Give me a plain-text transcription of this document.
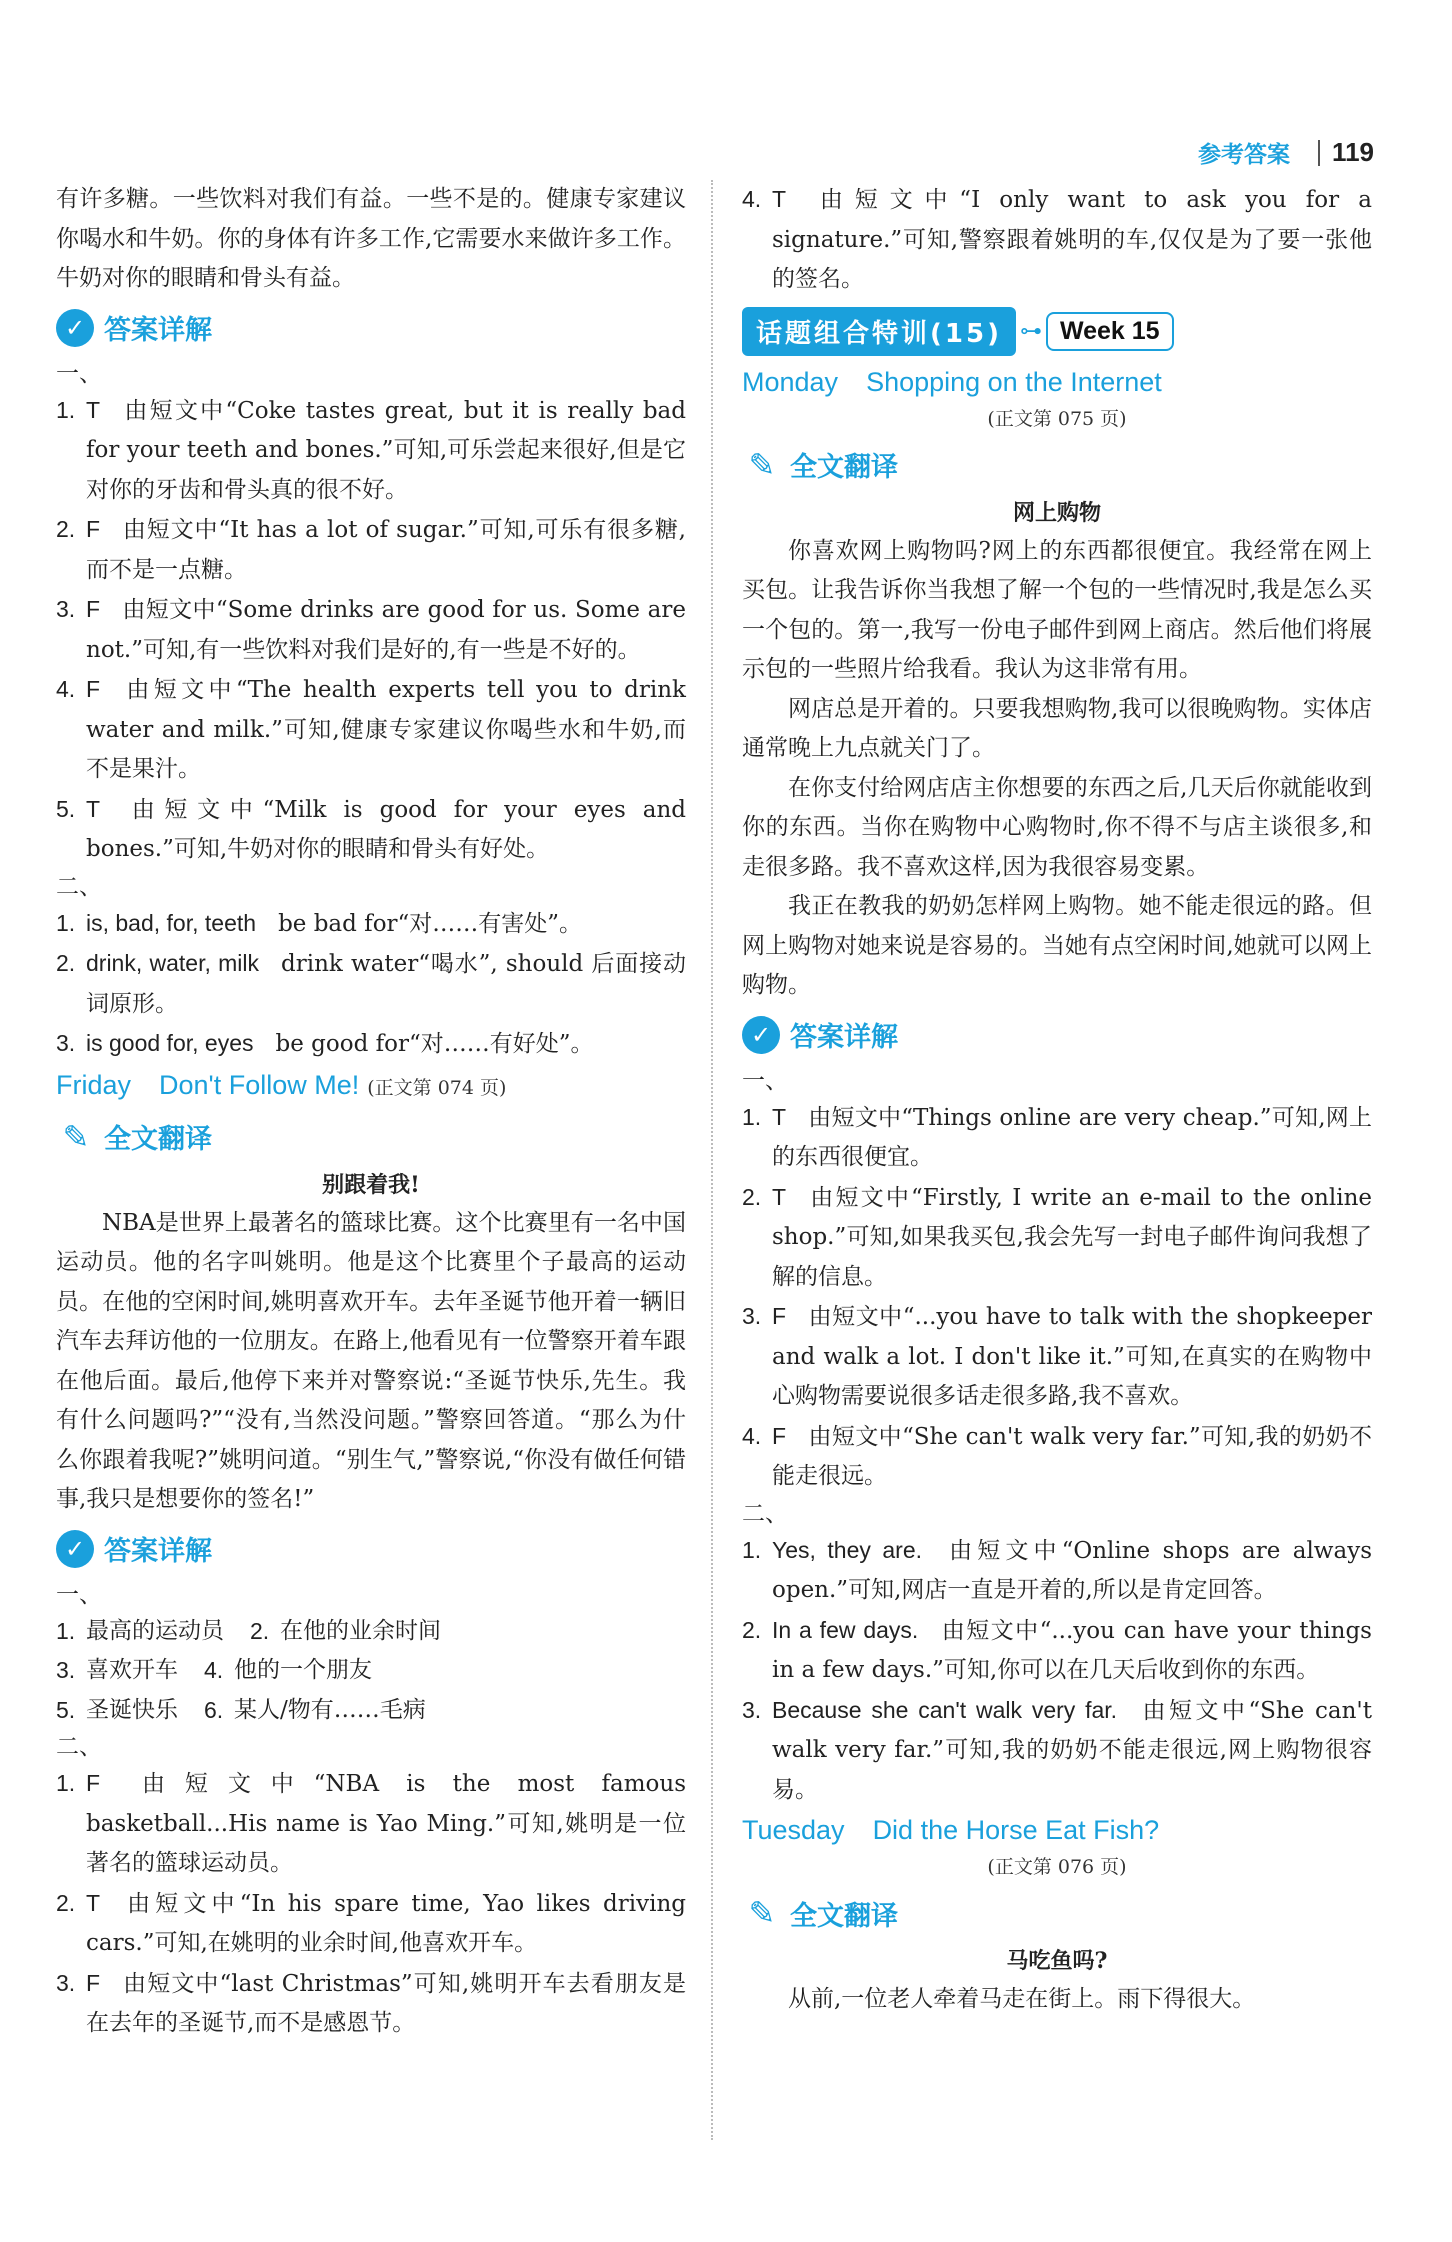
参考答案 119

有许多糖。一些饮料对我们有益。一些不是的。健康专家建议你喝水和牛奶。你的身体有许多工作,它需要水来做许多工作。牛奶对你的眼睛和骨头有益。

✓ 答案详解
一、
1. T 由短文中“Coke tastes great, but it is really bad for your teeth and bones.”可知,可乐尝起来很好,但是它对你的牙齿和骨头真的很不好。
2. F 由短文中“It has a lot of sugar.”可知,可乐有很多糖,而不是一点糖。
3. F 由短文中“Some drinks are good for us. Some are not.”可知,有一些饮料对我们是好的,有一些是不好的。
4. F 由短文中“The health experts tell you to drink water and milk.”可知,健康专家建议你喝些水和牛奶,而不是果汁。
5. T 由短文中“Milk is good for your eyes and bones.”可知,牛奶对你的眼睛和骨头有好处。
二、
1. is, bad, for, teeth be bad for“对……有害处”。
2. drink, water, milk drink water“喝水”, should 后面接动词原形。
3. is good for, eyes be good for“对……有好处”。
Friday Don't Follow Me! (正文第 074 页)
✎ 全文翻译

别跟着我!

NBA是世界上最著名的篮球比赛。这个比赛里有一名中国运动员。他的名字叫姚明。他是这个比赛里个子最高的运动员。在他的空闲时间,姚明喜欢开车。去年圣诞节他开着一辆旧汽车去拜访他的一位朋友。在路上,他看见有一位警察开着车跟在他后面。最后,他停下来并对警察说:“圣诞节快乐,先生。我有什么问题吗?”“没有,当然没问题。”警察回答道。“那么为什么你跟着我呢?”姚明问道。“别生气,”警察说,“你没有做任何错事,我只是想要你的签名!”

✓ 答案详解
一、
1. 最高的运动员 2. 在他的业余时间
3. 喜欢开车 4. 他的一个朋友
5. 圣诞快乐 6. 某人/物有……毛病
二、
1. F 由短文中“NBA is the most famous basketball...His name is Yao Ming.”可知,姚明是一位著名的篮球运动员。
2. T 由短文中“In his spare time, Yao likes driving cars.”可知,在姚明的业余时间,他喜欢开车。
3. F 由短文中“last Christmas”可知,姚明开车去看朋友是在去年的圣诞节,而不是感恩节。
4. T 由短文中“I only want to ask you for a signature.”可知,警察跟着姚明的车,仅仅是为了要一张他的签名。
话题组合特训(15) ⊶ Week 15
Monday Shopping on the Internet

(正文第 075 页)

✎ 全文翻译

网上购物

你喜欢网上购物吗?网上的东西都很便宜。我经常在网上买包。让我告诉你当我想了解一个包的一些情况时,我是怎么买一个包的。第一,我写一份电子邮件到网上商店。然后他们将展示包的一些照片给我看。我认为这非常有用。

网店总是开着的。只要我想购物,我可以很晚购物。实体店通常晚上九点就关门了。

在你支付给网店店主你想要的东西之后,几天后你就能收到你的东西。当你在购物中心购物时,你不得不与店主谈很多,和走很多路。我不喜欢这样,因为我很容易变累。

我正在教我的奶奶怎样网上购物。她不能走很远的路。但网上购物对她来说是容易的。当她有点空闲时间,她就可以网上购物。

✓ 答案详解
一、
1. T 由短文中“Things online are very cheap.”可知,网上的东西很便宜。
2. T 由短文中“Firstly, I write an e-mail to the online shop.”可知,如果我买包,我会先写一封电子邮件询问我想了解的信息。
3. F 由短文中“...you have to talk with the shopkeeper and walk a lot. I don't like it.”可知,在真实的在购物中心购物需要说很多话走很多路,我不喜欢。
4. F 由短文中“She can't walk very far.”可知,我的奶奶不能走很远。
二、
1. Yes, they are. 由短文中“Online shops are always open.”可知,网店一直是开着的,所以是肯定回答。
2. In a few days. 由短文中“...you can have your things in a few days.”可知,你可以在几天后收到你的东西。
3. Because she can't walk very far. 由短文中“She can't walk very far.”可知,我的奶奶不能走很远,网上购物很容易。
Tuesday Did the Horse Eat Fish?

(正文第 076 页)

✎ 全文翻译

马吃鱼吗?

从前,一位老人牵着马走在街上。雨下得很大。
